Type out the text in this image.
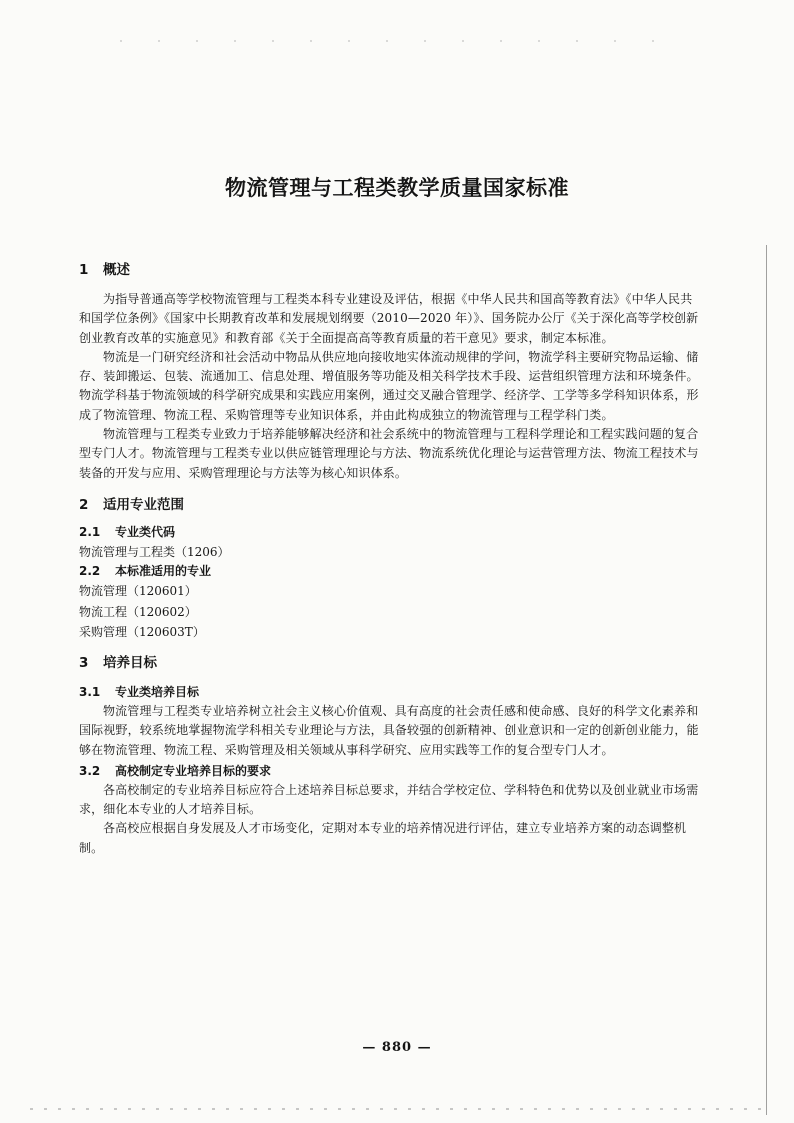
物流管理与工程类教学质量国家标准
1 概述

为指导普通高等学校物流管理与工程类本科专业建设及评估，根据《中华人民共和国高等教育法》《中华人民共和国学位条例》《国家中长期教育改革和发展规划纲要（2010—2020 年）》、国务院办公厅《关于深化高等学校创新创业教育改革的实施意见》和教育部《关于全面提高高等教育质量的若干意见》要求，制定本标准。

物流是一门研究经济和社会活动中物品从供应地向接收地实体流动规律的学问，物流学科主要研究物品运输、储存、装卸搬运、包装、流通加工、信息处理、增值服务等功能及相关科学技术手段、运营组织管理方法和环境条件。物流学科基于物流领域的科学研究成果和实践应用案例，通过交叉融合管理学、经济学、工学等多学科知识体系，形成了物流管理、物流工程、采购管理等专业知识体系，并由此构成独立的物流管理与工程学科门类。

物流管理与工程类专业致力于培养能够解决经济和社会系统中的物流管理与工程科学理论和工程实践问题的复合型专门人才。物流管理与工程类专业以供应链管理理论与方法、物流系统优化理论与运营管理方法、物流工程技术与装备的开发与应用、采购管理理论与方法等为核心知识体系。

2 适用专业范围
2.1 专业类代码
物流管理与工程类（1206）
2.2 本标准适用的专业
物流管理（120601）
物流工程（120602）
采购管理（120603T）
3 培养目标
3.1 专业类培养目标

物流管理与工程类专业培养树立社会主义核心价值观、具有高度的社会责任感和使命感、良好的科学文化素养和国际视野，较系统地掌握物流学科相关专业理论与方法，具备较强的创新精神、创业意识和一定的创新创业能力，能够在物流管理、物流工程、采购管理及相关领域从事科学研究、应用实践等工作的复合型专门人才。

3.2 高校制定专业培养目标的要求

各高校制定的专业培养目标应符合上述培养目标总要求，并结合学校定位、学科特色和优势以及创业就业市场需求，细化本专业的人才培养目标。

各高校应根据自身发展及人才市场变化，定期对本专业的培养情况进行评估，建立专业培养方案的动态调整机制。

— 880 —
